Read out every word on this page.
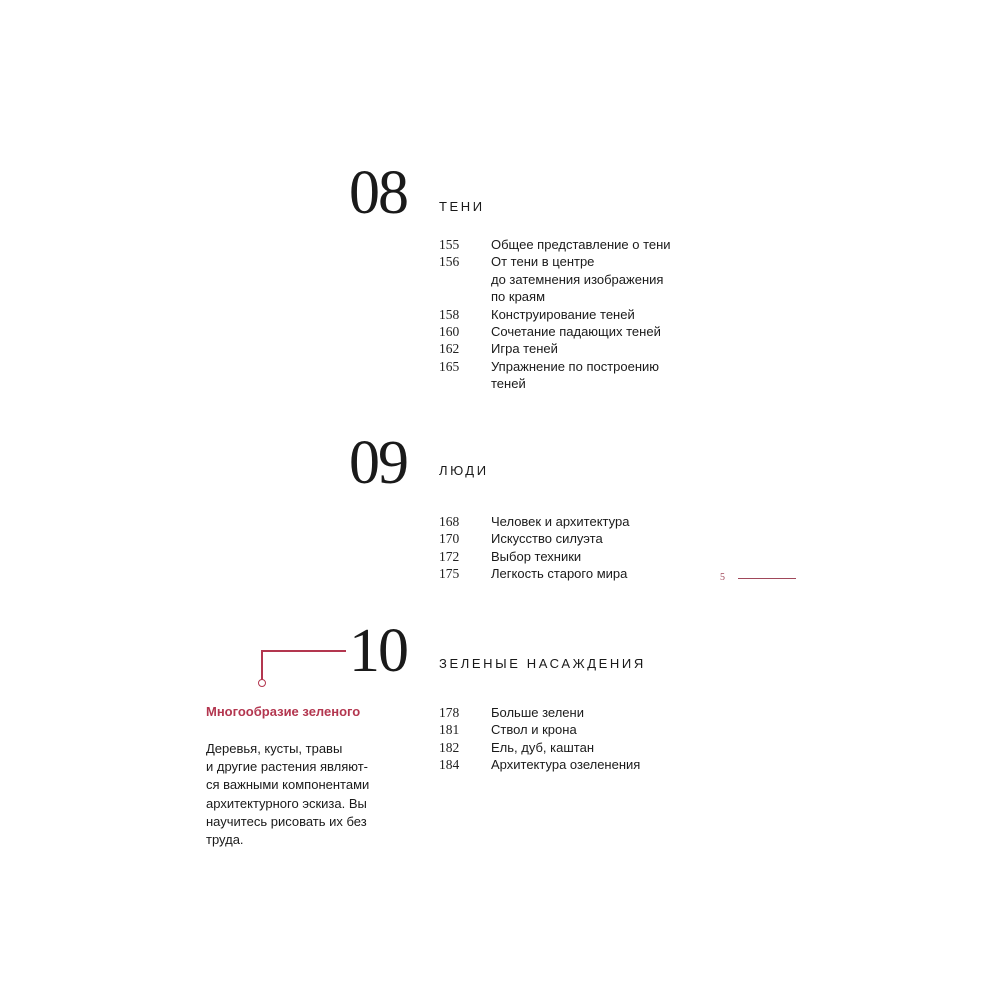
08 ТЕНИ
155	Общее представление о тени
156	От тени в центре
до затемнения изображения
по краям
158	Конструирование теней
160	Сочетание падающих теней
162	Игра теней
165	Упражнение по построению
теней
09 ЛЮДИ
168	Человек и архитектура
170	Искусство силуэта
172	Выбор техники
175	Легкость старого мира	5
10 ЗЕЛЕНЫЕ НАСАЖДЕНИЯ
178	Больше зелени
181	Ствол и крона
182	Ель, дуб, каштан
184	Архитектура озеленения
Многообразие зеленого
Деревья, кусты, травы
и другие растения являют-
ся важными компонентами
архитектурного эскиза. Вы
научитесь рисовать их без
труда.
